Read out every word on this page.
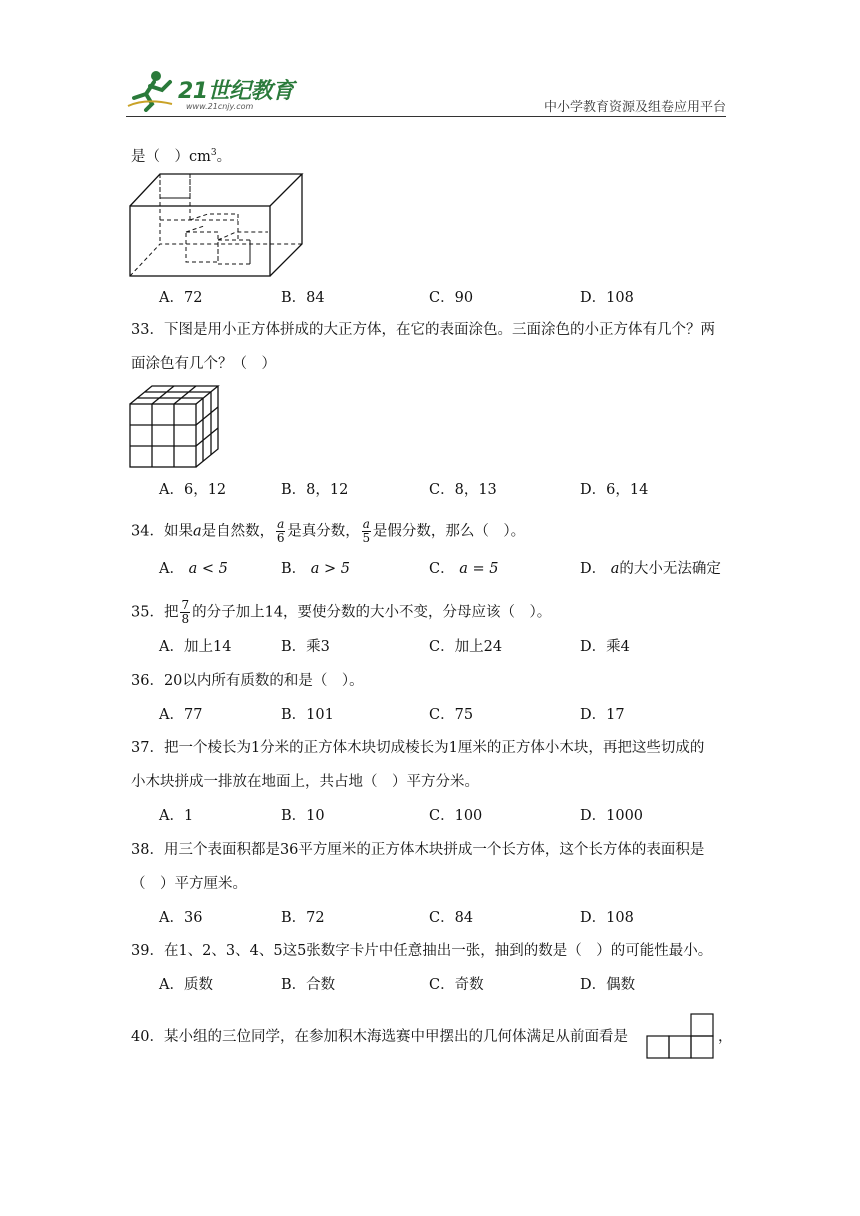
21世纪教育
www.21cnjy.com	中小学教育资源及组卷应用平台
是（　）$cm^3$。
A．72	B．84	C．90	D．108
33．下图是用小正方体拼成的大正方体，在它的表面涂色。三面涂色的小正方体有几个？两
面涂色有几个？（　）
A．6，12	B．8，12	C．8，13	D．6，14
34．如果a是自然数， $\frac{a}{6}$ 是真分数， $\frac{a}{5}$ 是假分数，那么（　）。
A． a < 5	B． a > 5	C． a = 5	D． a的大小无法确定
35．把 $\frac{7}{8}$ 的分子加上14，要使分数的大小不变，分母应该（　）。
A．加上14	B．乘3	C．加上24	D．乘4
36．20以内所有质数的和是（　）。
A．77	B．101	C．75	D．17
37．把一个棱长为1分米的正方体木块切成棱长为1厘米的正方体小木块，再把这些切成的
小木块拼成一排放在地面上，共占地（　）平方分米。
A．1	B．10	C．100	D．1000
38．用三个表面积都是36平方厘米的正方体木块拼成一个长方体，这个长方体的表面积是
（　）平方厘米。
A．36	B．72	C．84	D．108
39．在1、2、3、4、5这5张数字卡片中任意抽出一张，抽到的数是（　）的可能性最小。
A．质数	B．合数	C．奇数	D．偶数
40．某小组的三位同学，在参加积木海选赛中甲摆出的几何体满足从前面看是	，
